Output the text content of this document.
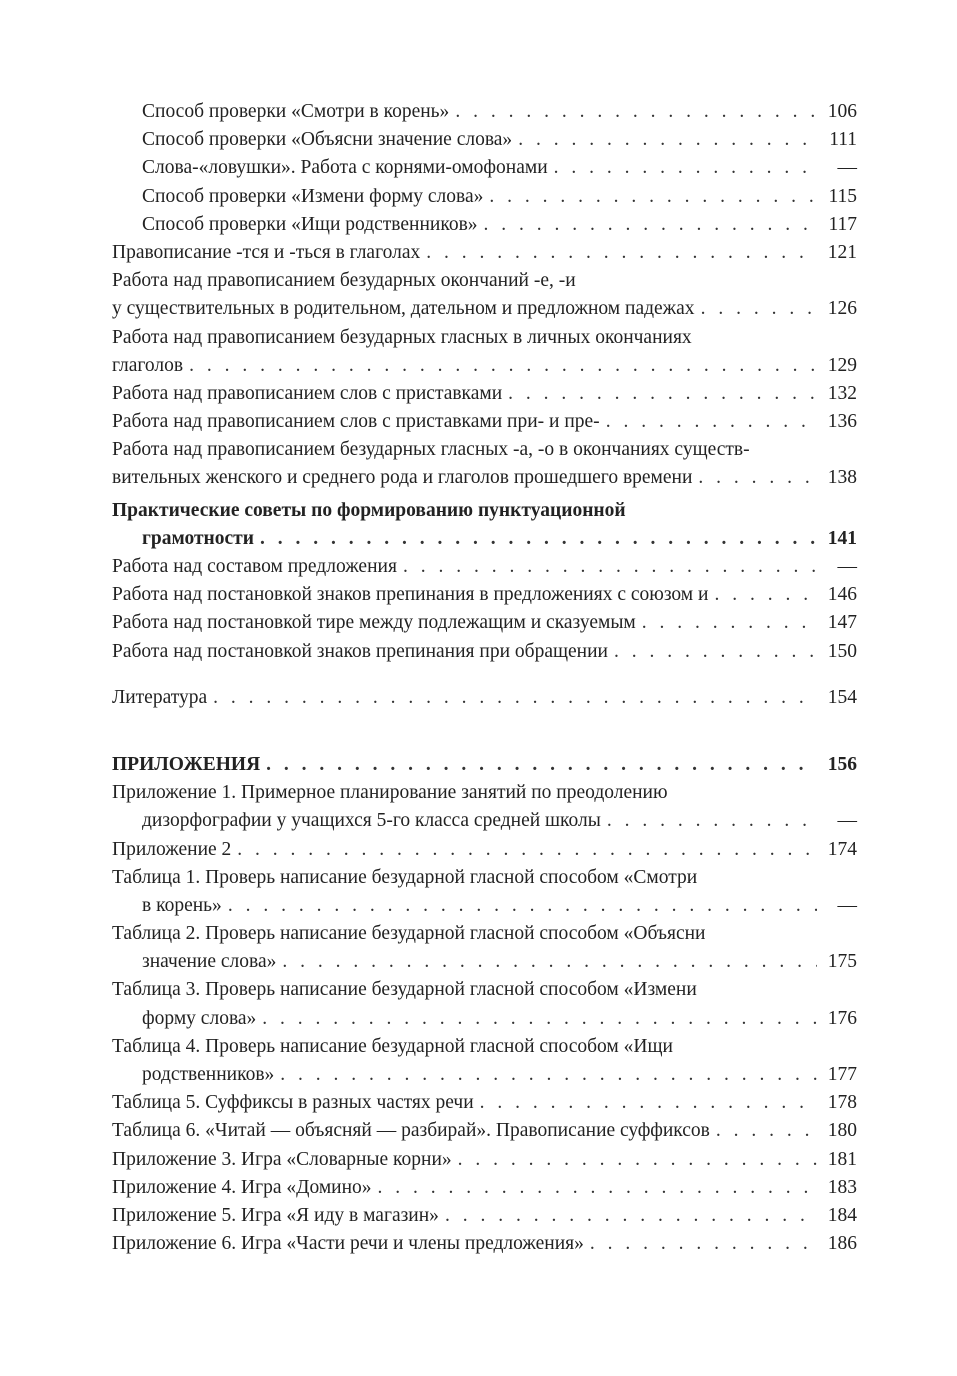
Способ проверки «Смотри в корень» . . .	106
Способ проверки «Объясни значение слова» . . .	111
Слова-«ловушки». Работа с корнями-омофонами . . .	—
Способ проверки «Измени форму слова» . . .	115
Способ проверки «Ищи родственников» . . .	117
Правописание -тся и -ться в глаголах . . .	121
Работа над правописанием безударных окончаний -е, -и
у существительных в родительном, дательном и предложном падежах . . .	126
Работа над правописанием безударных гласных в личных окончаниях
глаголов . . .	129
Работа над правописанием слов с приставками . . .	132
Работа над правописанием слов с приставками при- и пре- . . .	136
Работа над правописанием безударных гласных -а, -о в окончаниях существ-
вительных женского и среднего рода и глаголов прошедшего времени . . .	138
Практические советы по формированию пунктуационной
грамотности . . .	141
Работа над составом предложения . . .	—
Работа над постановкой знаков препинания в предложениях с союзом и . . .	146
Работа над постановкой тире между подлежащим и сказуемым . . .	147
Работа над постановкой знаков препинания при обращении . . .	150
Литература . . .	154
ПРИЛОЖЕНИЯ . . .	156
Приложение 1. Примерное планирование занятий по преодолению
дизорфографии у учащихся 5-го класса средней школы . . .	—
Приложение 2 . . .	174
Таблица 1. Проверь написание безударной гласной способом «Смотри
в корень» . . .	—
Таблица 2. Проверь написание безударной гласной способом «Объясни
значение слова» . . .	175
Таблица 3. Проверь написание безударной гласной способом «Измени
форму слова» . . .	176
Таблица 4. Проверь написание безударной гласной способом «Ищи
родственников» . . .	177
Таблица 5. Суффиксы в разных частях речи . . .	178
Таблица 6. «Читай — объясняй — разбирай». Правописание суффиксов . . .	180
Приложение 3. Игра «Словарные корни» . . .	181
Приложение 4. Игра «Домино» . . .	183
Приложение 5. Игра «Я иду в магазин» . . .	184
Приложение 6. Игра «Части речи и члены предложения» . . .	186
